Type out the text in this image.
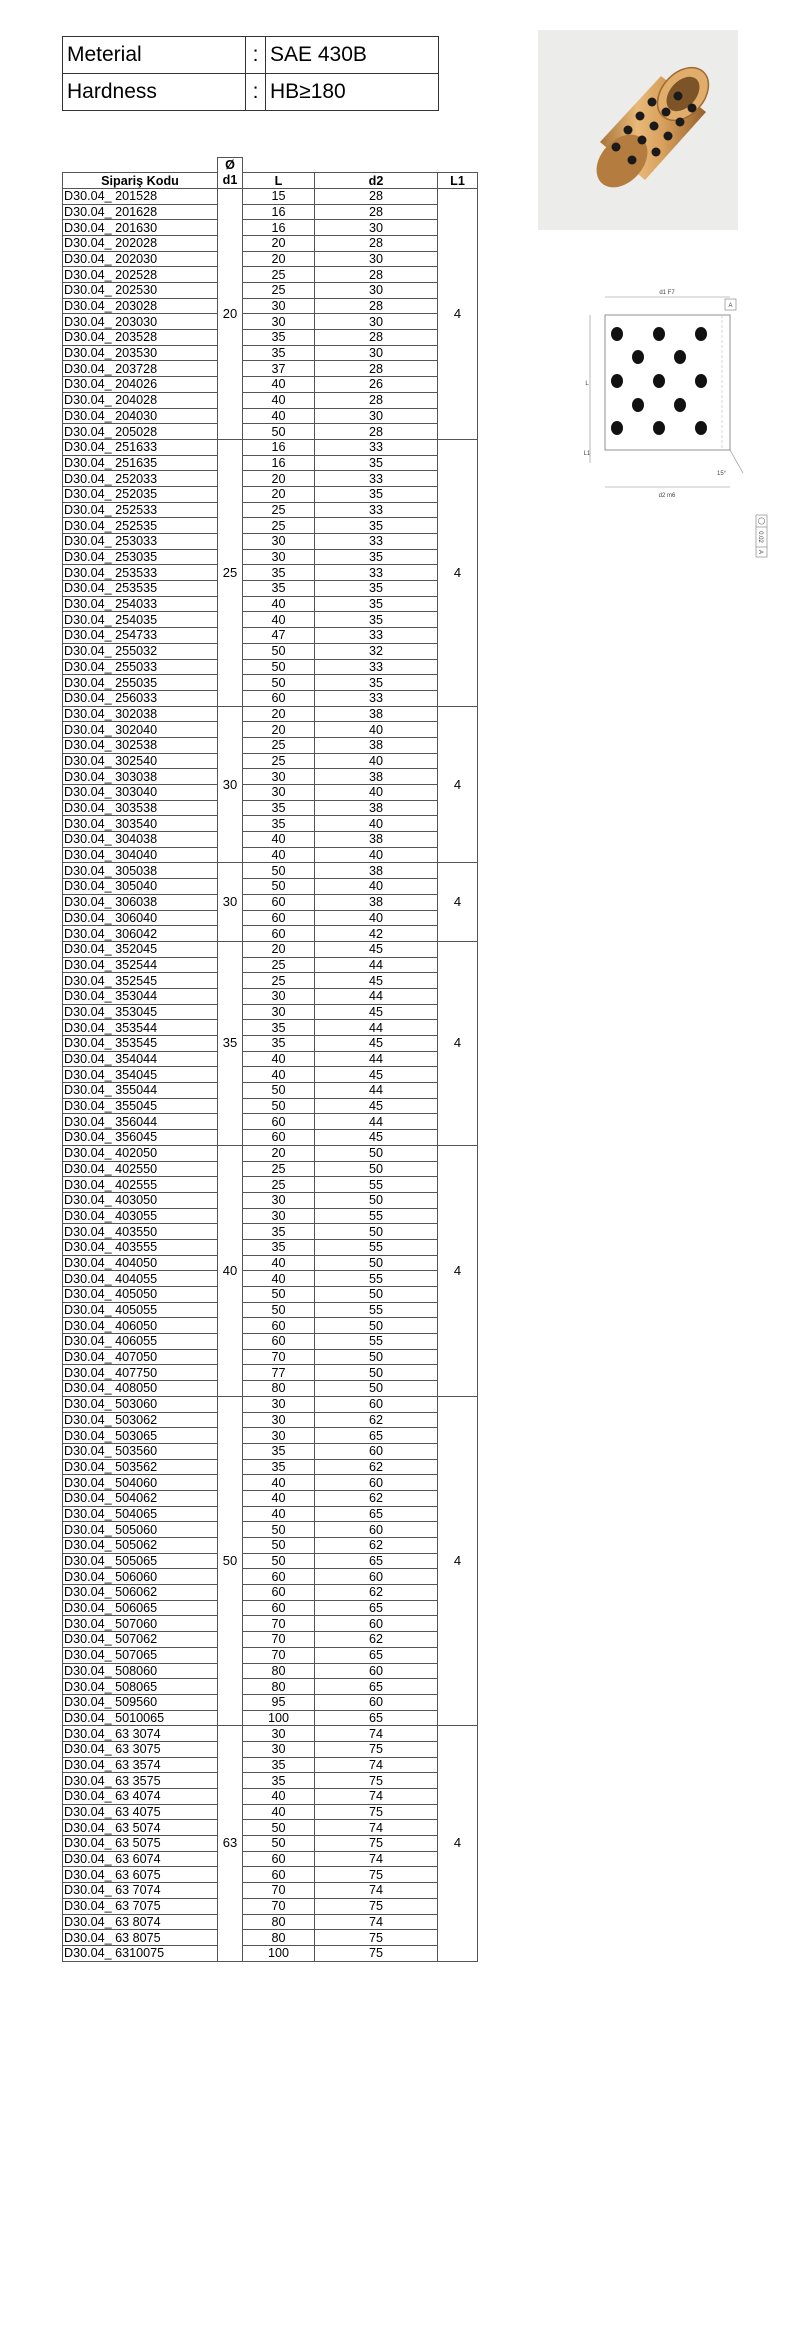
Meterial	:	SAE 430B
Hardness	:	HB≥180
d1 F7
A
L
L1
15°
d2 m6
0.02
A
	Ø			
Sipariş Kodu	d1	L	d2	L1
D30.04_ 201528	20	15	28	4
D30.04_ 201628		16	28	
D30.04_ 201630		16	30	
D30.04_ 202028		20	28	
D30.04_ 202030		20	30	
D30.04_ 202528		25	28	
D30.04_ 202530		25	30	
D30.04_ 203028		30	28	
D30.04_ 203030		30	30	
D30.04_ 203528		35	28	
D30.04_ 203530		35	30	
D30.04_ 203728		37	28	
D30.04_ 204026		40	26	
D30.04_ 204028		40	28	
D30.04_ 204030		40	30	
D30.04_ 205028		50	28	
D30.04_ 251633	25	16	33	4
D30.04_ 251635		16	35	
D30.04_ 252033		20	33	
D30.04_ 252035		20	35	
D30.04_ 252533		25	33	
D30.04_ 252535		25	35	
D30.04_ 253033		30	33	
D30.04_ 253035		30	35	
D30.04_ 253533		35	33	
D30.04_ 253535		35	35	
D30.04_ 254033		40	35	
D30.04_ 254035		40	35	
D30.04_ 254733		47	33	
D30.04_ 255032		50	32	
D30.04_ 255033		50	33	
D30.04_ 255035		50	35	
D30.04_ 256033		60	33	
D30.04_ 302038	30	20	38	4
D30.04_ 302040		20	40	
D30.04_ 302538		25	38	
D30.04_ 302540		25	40	
D30.04_ 303038		30	38	
D30.04_ 303040		30	40	
D30.04_ 303538		35	38	
D30.04_ 303540		35	40	
D30.04_ 304038		40	38	
D30.04_ 304040		40	40	
D30.04_ 305038	30	50	38	4
D30.04_ 305040		50	40	
D30.04_ 306038		60	38	
D30.04_ 306040		60	40	
D30.04_ 306042		60	42	
D30.04_ 352045	35	20	45	4
D30.04_ 352544		25	44	
D30.04_ 352545		25	45	
D30.04_ 353044		30	44	
D30.04_ 353045		30	45	
D30.04_ 353544		35	44	
D30.04_ 353545		35	45	
D30.04_ 354044		40	44	
D30.04_ 354045		40	45	
D30.04_ 355044		50	44	
D30.04_ 355045		50	45	
D30.04_ 356044		60	44	
D30.04_ 356045		60	45	
D30.04_ 402050	40	20	50	4
D30.04_ 402550		25	50	
D30.04_ 402555		25	55	
D30.04_ 403050		30	50	
D30.04_ 403055		30	55	
D30.04_ 403550		35	50	
D30.04_ 403555		35	55	
D30.04_ 404050		40	50	
D30.04_ 404055		40	55	
D30.04_ 405050		50	50	
D30.04_ 405055		50	55	
D30.04_ 406050		60	50	
D30.04_ 406055		60	55	
D30.04_ 407050		70	50	
D30.04_ 407750		77	50	
D30.04_ 408050		80	50	
D30.04_ 503060	50	30	60	4
D30.04_ 503062		30	62	
D30.04_ 503065		30	65	
D30.04_ 503560		35	60	
D30.04_ 503562		35	62	
D30.04_ 504060		40	60	
D30.04_ 504062		40	62	
D30.04_ 504065		40	65	
D30.04_ 505060		50	60	
D30.04_ 505062		50	62	
D30.04_ 505065		50	65	
D30.04_ 506060		60	60	
D30.04_ 506062		60	62	
D30.04_ 506065		60	65	
D30.04_ 507060		70	60	
D30.04_ 507062		70	62	
D30.04_ 507065		70	65	
D30.04_ 508060		80	60	
D30.04_ 508065		80	65	
D30.04_ 509560		95	60	
D30.04_ 5010065		100	65	
D30.04_ 63 3074	63	30	74	4
D30.04_ 63 3075		30	75	
D30.04_ 63 3574		35	74	
D30.04_ 63 3575		35	75	
D30.04_ 63 4074		40	74	
D30.04_ 63 4075		40	75	
D30.04_ 63 5074		50	74	
D30.04_ 63 5075		50	75	
D30.04_ 63 6074		60	74	
D30.04_ 63 6075		60	75	
D30.04_ 63 7074		70	74	
D30.04_ 63 7075		70	75	
D30.04_ 63 8074		80	74	
D30.04_ 63 8075		80	75	
D30.04_ 6310075		100	75	
